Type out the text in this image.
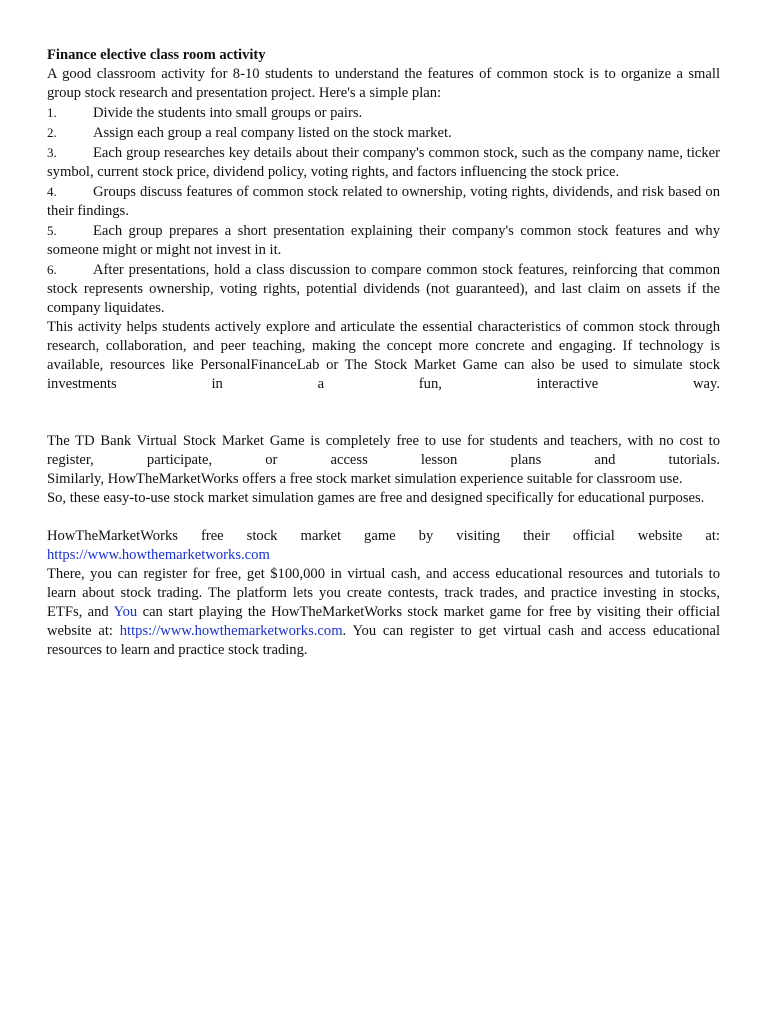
Finance elective class room activity

A good classroom activity for 8-10 students to understand the features of common stock is to organize a small group stock research and presentation project. Here's a simple plan:

1. Divide the students into small groups or pairs.

2. Assign each group a real company listed on the stock market.

3. Each group researches key details about their company's common stock, such as the company name, ticker symbol, current stock price, dividend policy, voting rights, and factors influencing the stock price.

4. Groups discuss features of common stock related to ownership, voting rights, dividends, and risk based on their findings.

5. Each group prepares a short presentation explaining their company's common stock features and why someone might or might not invest in it.

6. After presentations, hold a class discussion to compare common stock features, reinforcing that common stock represents ownership, voting rights, potential dividends (not guaranteed), and last claim on assets if the company liquidates.

This activity helps students actively explore and articulate the essential characteristics of common stock through research, collaboration, and peer teaching, making the concept more concrete and engaging. If technology is available, resources like PersonalFinanceLab or The Stock Market Game can also be used to simulate stock investments in a fun, interactive way.

The TD Bank Virtual Stock Market Game is completely free to use for students and teachers, with no cost to register, participate, or access lesson plans and tutorials.

Similarly, HowTheMarketWorks offers a free stock market simulation experience suitable for classroom use.

So, these easy-to-use stock market simulation games are free and designed specifically for educational purposes.

HowTheMarketWorks free stock market game by visiting their official website at:

https://www.howthemarketworks.com

There, you can register for free, get $100,000 in virtual cash, and access educational resources and tutorials to learn about stock trading. The platform lets you create contests, track trades, and practice investing in stocks, ETFs, and You can start playing the HowTheMarketWorks stock market game for free by visiting their official website at: https://www.howthemarketworks.com. You can register to get virtual cash and access educational resources to learn and practice stock trading.
